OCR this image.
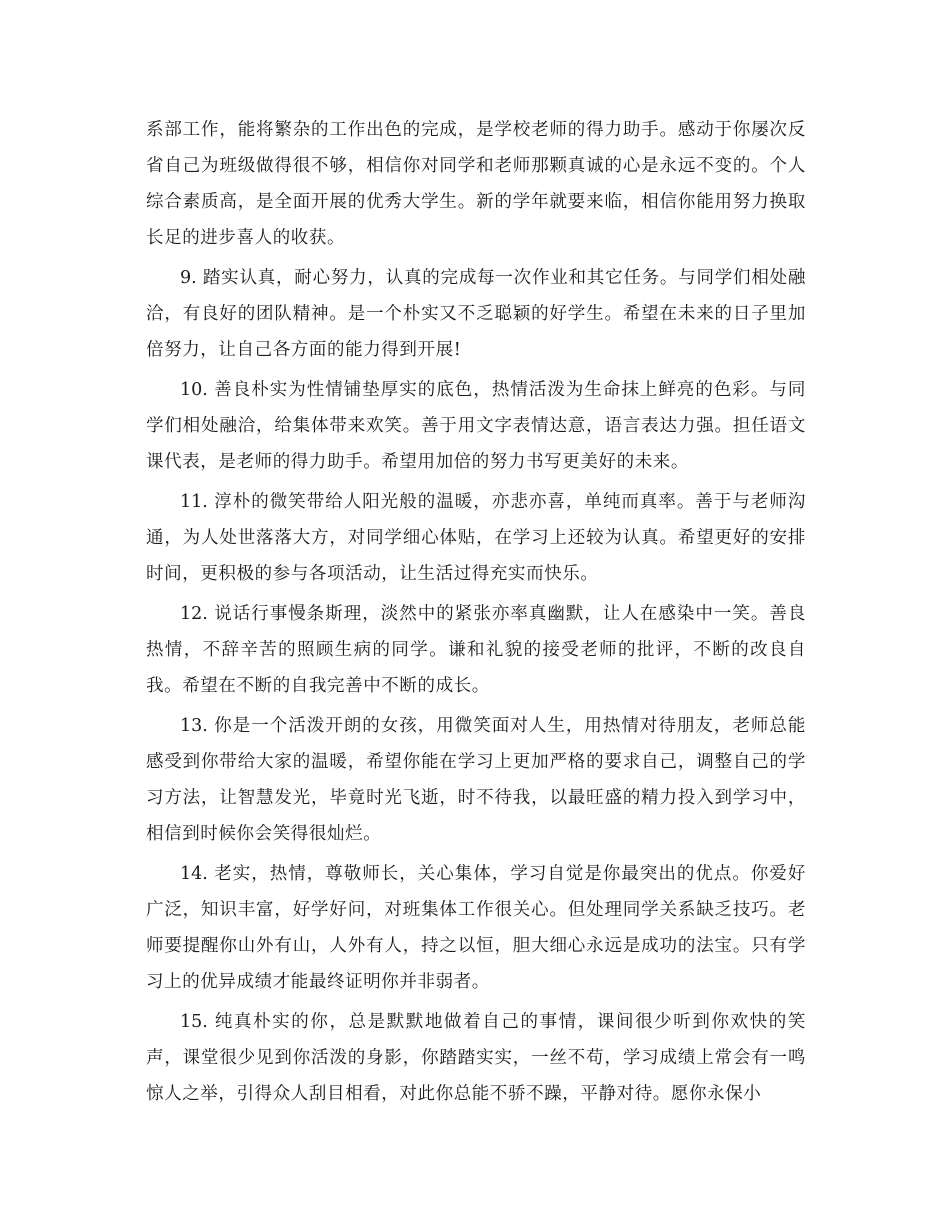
系部工作，能将繁杂的工作出色的完成，是学校老师的得力助手。感动于你屡次反省自己为班级做得很不够，相信你对同学和老师那颗真诚的心是永远不变的。个人综合素质高，是全面开展的优秀大学生。新的学年就要来临，相信你能用努力换取长足的进步喜人的收获。

9. 踏实认真，耐心努力，认真的完成每一次作业和其它任务。与同学们相处融洽，有良好的团队精神。是一个朴实又不乏聪颖的好学生。希望在未来的日子里加倍努力，让自己各方面的能力得到开展!

10. 善良朴实为性情铺垫厚实的底色，热情活泼为生命抹上鲜亮的色彩。与同学们相处融洽，给集体带来欢笑。善于用文字表情达意，语言表达力强。担任语文课代表，是老师的得力助手。希望用加倍的努力书写更美好的未来。

11. 淳朴的微笑带给人阳光般的温暖，亦悲亦喜，单纯而真率。善于与老师沟通，为人处世落落大方，对同学细心体贴，在学习上还较为认真。希望更好的安排时间，更积极的参与各项活动，让生活过得充实而快乐。

12. 说话行事慢条斯理，淡然中的紧张亦率真幽默，让人在感染中一笑。善良热情，不辞辛苦的照顾生病的同学。谦和礼貌的接受老师的批评，不断的改良自我。希望在不断的自我完善中不断的成长。

13. 你是一个活泼开朗的女孩，用微笑面对人生，用热情对待朋友，老师总能感受到你带给大家的温暖，希望你能在学习上更加严格的要求自己，调整自己的学习方法，让智慧发光，毕竟时光飞逝，时不待我，以最旺盛的精力投入到学习中，相信到时候你会笑得很灿烂。

14. 老实，热情，尊敬师长，关心集体，学习自觉是你最突出的优点。你爱好广泛，知识丰富，好学好问，对班集体工作很关心。但处理同学关系缺乏技巧。老师要提醒你山外有山，人外有人，持之以恒，胆大细心永远是成功的法宝。只有学习上的优异成绩才能最终证明你并非弱者。

15. 纯真朴实的你，总是默默地做着自己的事情，课间很少听到你欢快的笑声，课堂很少见到你活泼的身影，你踏踏实实，一丝不苟，学习成绩上常会有一鸣惊人之举，引得众人刮目相看，对此你总能不骄不躁，平静对待。愿你永保小
